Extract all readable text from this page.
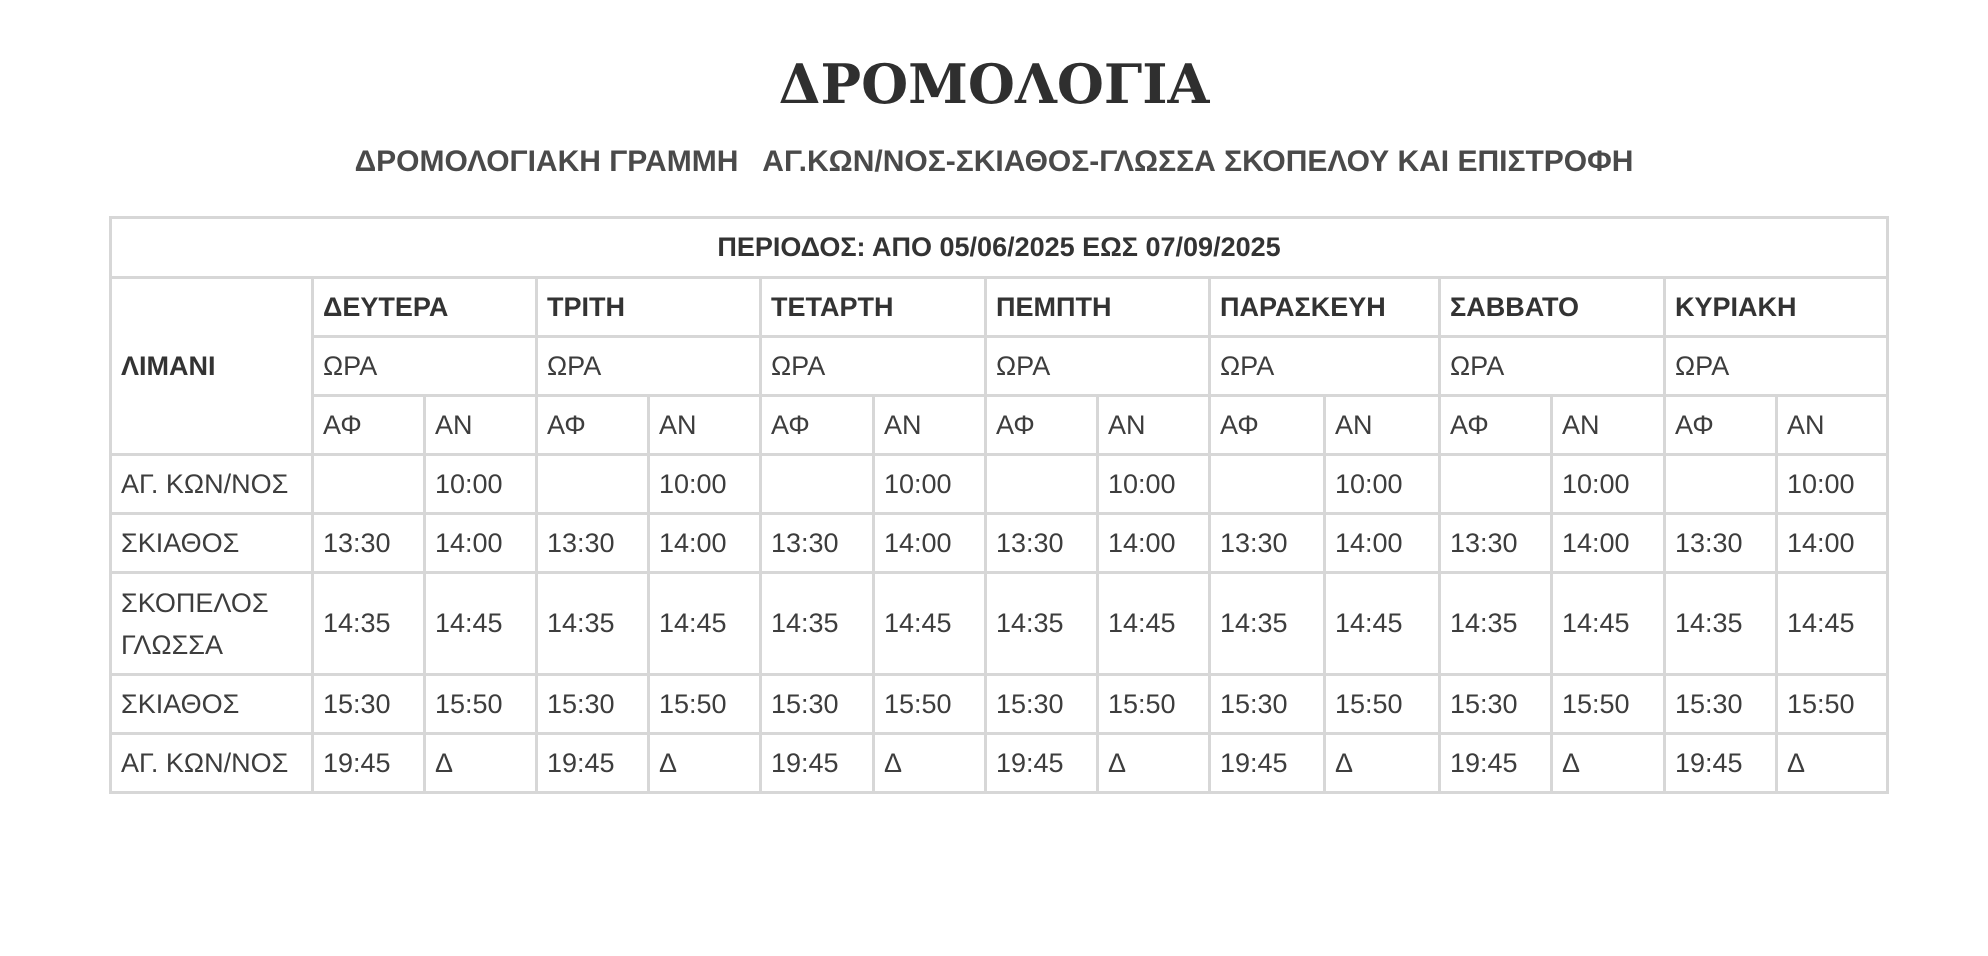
ΔΡΟΜΟΛΟΓΙΑ

ΔΡΟΜΟΛΟΓΙΑΚΗ ΓΡΑΜΜΗ ΑΓ.ΚΩΝ/ΝΟΣ-ΣΚΙΑΘΟΣ-ΓΛΩΣΣΑ ΣΚΟΠΕΛΟΥ ΚΑΙ ΕΠΙΣΤΡΟΦΗ

ΠΕΡΙΟΔΟΣ: ΑΠΟ 05/06/2025 ΕΩΣ 07/09/2025														
ΛΙΜΑΝΙ	ΔΕΥΤΕΡΑ		ΤΡΙΤΗ		ΤΕΤΑΡΤΗ		ΠΕΜΠΤΗ		ΠΑΡΑΣΚΕΥΗ		ΣΑΒΒΑΤΟ		ΚΥΡΙΑΚΗ	
	ΩΡΑ		ΩΡΑ		ΩΡΑ		ΩΡΑ		ΩΡΑ		ΩΡΑ		ΩΡΑ	
	ΑΦ	ΑΝ	ΑΦ	ΑΝ	ΑΦ	ΑΝ	ΑΦ	ΑΝ	ΑΦ	ΑΝ	ΑΦ	ΑΝ	ΑΦ	ΑΝ
ΑΓ. ΚΩΝ/ΝΟΣ		10:00		10:00		10:00		10:00		10:00		10:00		10:00
ΣΚΙΑΘΟΣ	13:30	14:00	13:30	14:00	13:30	14:00	13:30	14:00	13:30	14:00	13:30	14:00	13:30	14:00
ΣΚΟΠΕΛΟΣ ΓΛΩΣΣΑ	14:35	14:45	14:35	14:45	14:35	14:45	14:35	14:45	14:35	14:45	14:35	14:45	14:35	14:45
ΣΚΙΑΘΟΣ	15:30	15:50	15:30	15:50	15:30	15:50	15:30	15:50	15:30	15:50	15:30	15:50	15:30	15:50
ΑΓ. ΚΩΝ/ΝΟΣ	19:45	Δ	19:45	Δ	19:45	Δ	19:45	Δ	19:45	Δ	19:45	Δ	19:45	Δ
